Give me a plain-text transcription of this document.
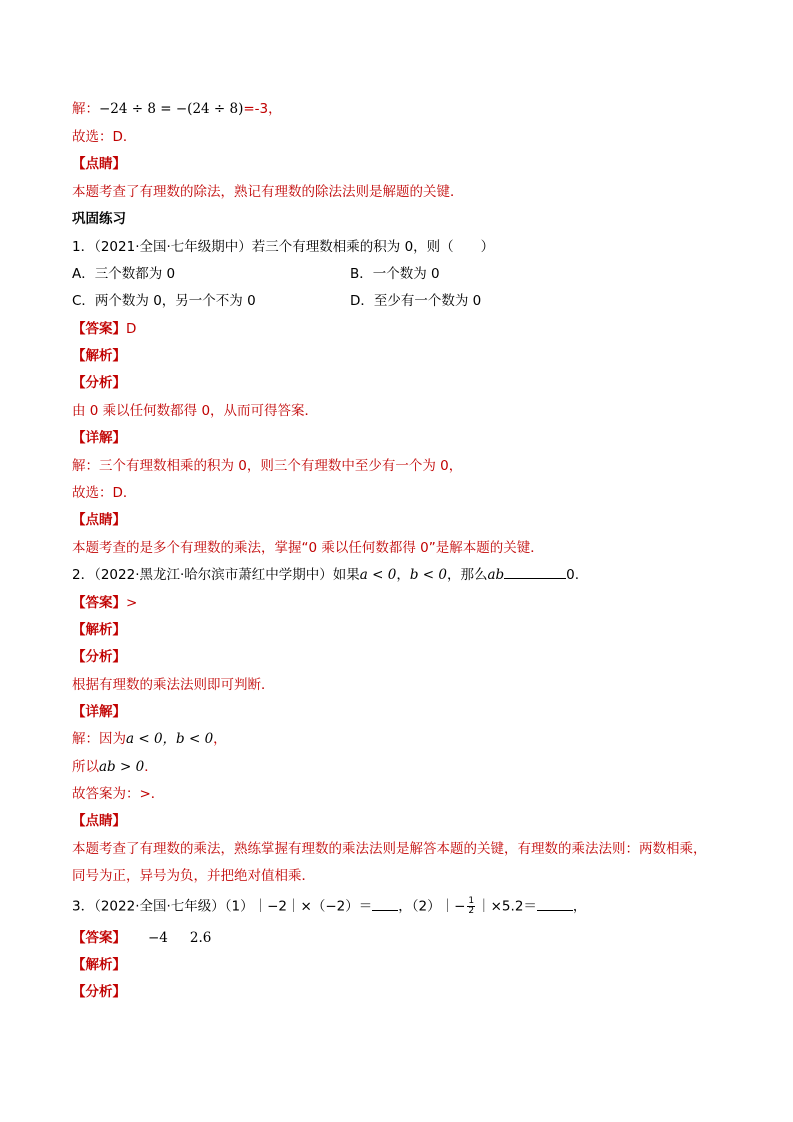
解：−24 ÷ 8 = −(24 ÷ 8)=-3，
故选：D．
【点睛】
本题考查了有理数的除法，熟记有理数的除法法则是解题的关键．
巩固练习
1．（2021·全国·七年级期中）若三个有理数相乘的积为 0，则（　　）
A．三个数都为 0	B．一个数为 0
C．两个数为 0，另一个不为 0	D．至少有一个数为 0
【答案】D
【解析】
【分析】
由 0 乘以任何数都得 0，从而可得答案．
【详解】
解：三个有理数相乘的积为 0，则三个有理数中至少有一个为 0，
故选：D．
【点睛】
本题考查的是多个有理数的乘法，掌握“0 乘以任何数都得 0”是解本题的关键．
2．（2022·黑龙江·哈尔滨市萧红中学期中）如果a < 0，b < 0，那么ab	0.
【答案】>
【解析】
【分析】
根据有理数的乘法法则即可判断．
【详解】
解：因为a < 0，b < 0，
所以ab > 0．
故答案为：>．
【点睛】
本题考查了有理数的乘法，熟练掌握有理数的乘法法则是解答本题的关键，有理数的乘法法则：两数相乘，
同号为正，异号为负，并把绝对值相乘．
3．（2022·全国·七年级）（1）｜−2｜×（−2）＝ ，（2）｜− $\frac{1}{2}$ ｜×5.2＝	，
【答案】 −4 2.6
【解析】
【分析】
